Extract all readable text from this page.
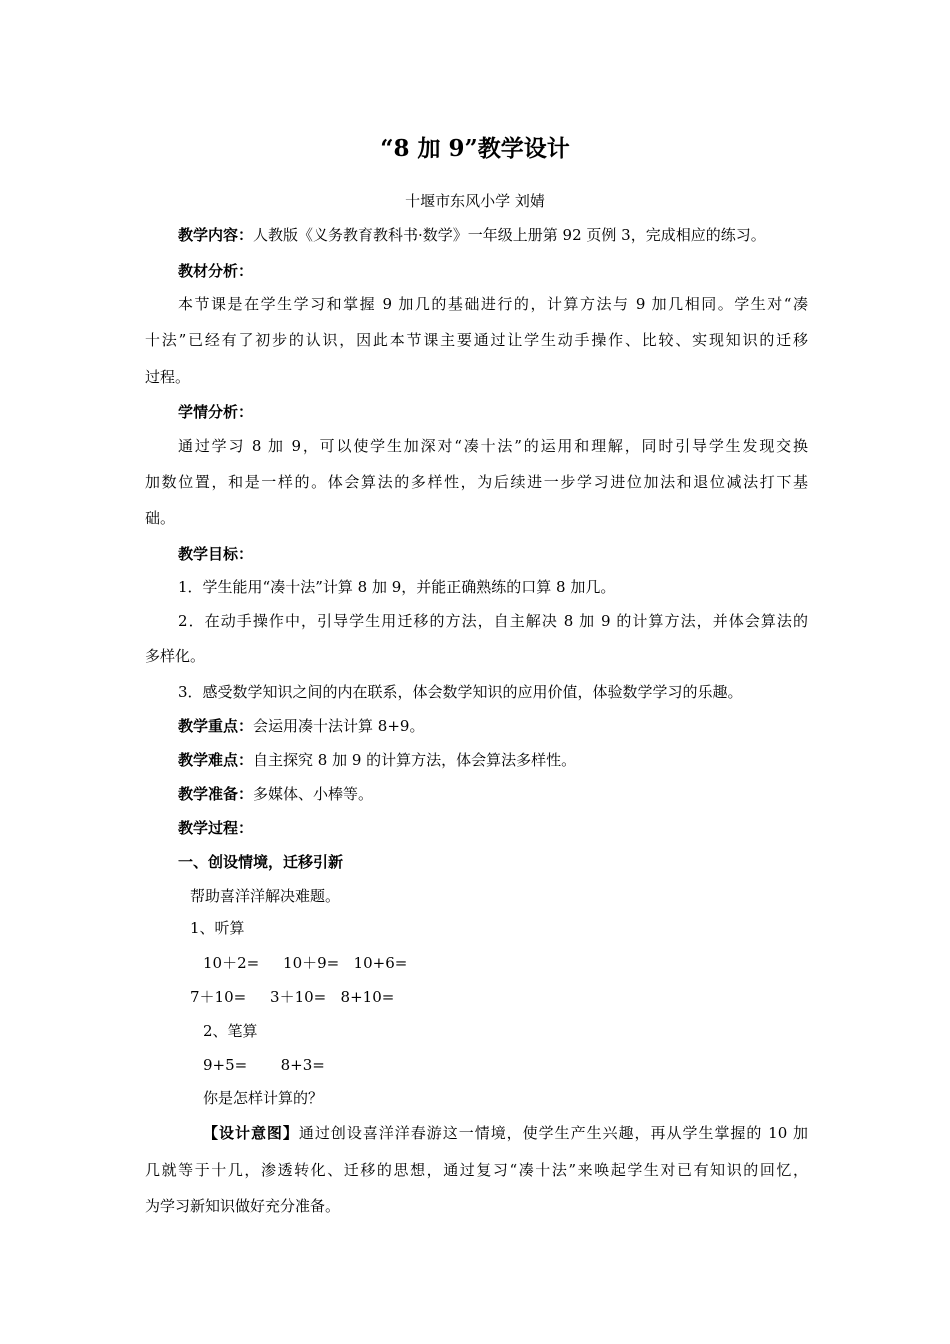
“8 加 9”教学设计
十堰市东风小学 刘婧
教学内容：人教版《义务教育教科书·数学》一年级上册第 92 页例 3，完成相应的练习。
教材分析：
本节课是在学生学习和掌握 9 加几的基础进行的，计算方法与 9 加几相同。学生对“凑
十法”已经有了初步的认识，因此本节课主要通过让学生动手操作、比较、实现知识的迁移
过程。
学情分析：
通过学习 8 加 9，可以使学生加深对“凑十法”的运用和理解，同时引导学生发现交换
加数位置，和是一样的。体会算法的多样性，为后续进一步学习进位加法和退位减法打下基
础。
教学目标：
1．学生能用“凑十法”计算 8 加 9，并能正确熟练的口算 8 加几。
2．在动手操作中，引导学生用迁移的方法，自主解决 8 加 9 的计算方法，并体会算法的
多样化。
3．感受数学知识之间的内在联系，体会数学知识的应用价值，体验数学学习的乐趣。
教学重点：会运用凑十法计算 8+9。
教学难点：自主探究 8 加 9 的计算方法，体会算法多样性。
教学准备：多媒体、小棒等。
教学过程：
一、创设情境，迁移引新
帮助喜洋洋解决难题。
1、听算
10＋2=     10＋9=   10+6=
7＋10=     3＋10=   8+10=
2、笔算
9+5=       8+3=
你是怎样计算的？
【设计意图】通过创设喜洋洋春游这一情境，使学生产生兴趣，再从学生掌握的 10 加
几就等于十几，渗透转化、迁移的思想，通过复习“凑十法”来唤起学生对已有知识的回忆，
为学习新知识做好充分准备。
